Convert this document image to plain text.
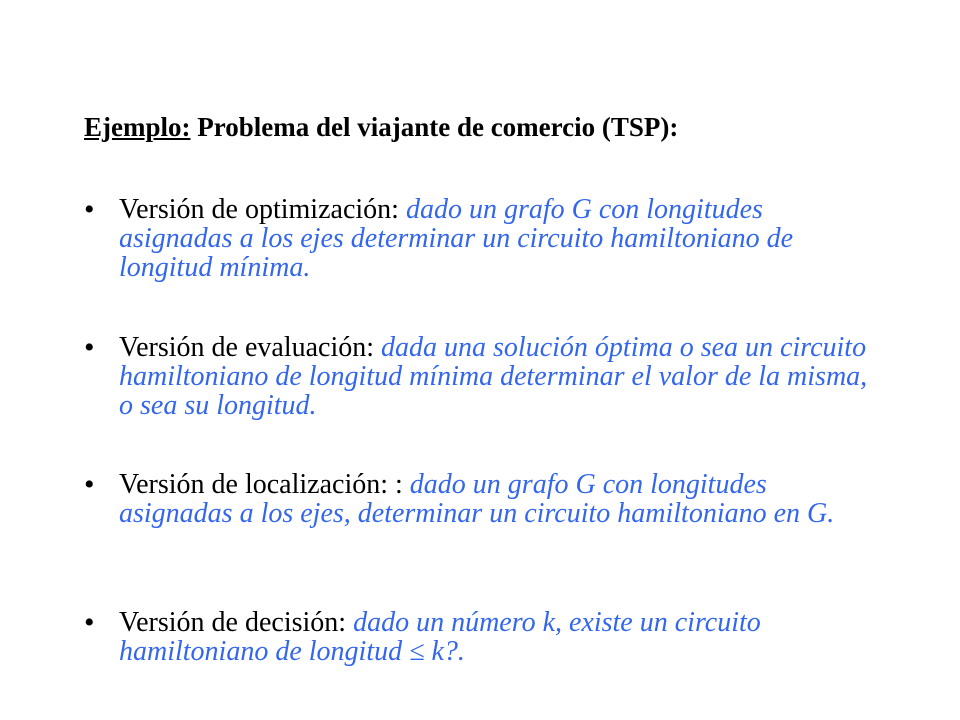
Ejemplo: Problema del viajante de comercio (TSP):
• Versión de optimización: dado un grafo G con longitudes asignadas a los ejes determinar un circuito hamiltoniano de longitud mínima.
• Versión de evaluación: dada una solución óptima o sea un circuito hamiltoniano de longitud mínima determinar el valor de la misma, o sea su longitud.
• Versión de localización: : dado un grafo G con longitudes asignadas a los ejes, determinar un circuito hamiltoniano en G.
• Versión de decisión: dado un número k, existe un circuito hamiltoniano de longitud ≤ k?.
